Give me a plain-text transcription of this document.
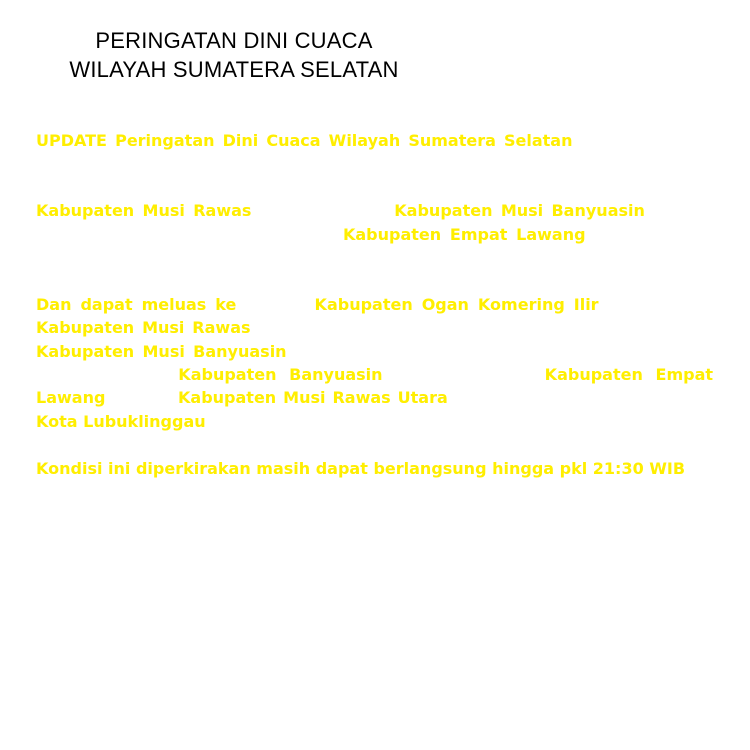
PERINGATAN DINI CUACA
WILAYAH SUMATERA SELATAN

UPDATE Peringatan Dini Cuaca Wilayah Sumatera Selatan tgl 21 Mei 2024 pkl. 19:00 WIB masih berpotensi terjadi hujan dengan intensitas sedang hingga lebat yang dapat disertai kilat/petir dan angin kencang pada pkl 19:30 WIB di Kabupaten Musi Rawas: Muara Lakitan, Kabupaten Musi Banyuasin: Sungai Keruh, Bayung Lencir, Tungkal Jaya, Kabupaten Empat Lawang: Tebing Tinggi, dan sekitarnya.

Dan dapat meluas ke wilayah Kabupaten Ogan Komering Ilir: Air Sugihan, Kabupaten Musi Rawas: Muara Kelingi, Muara Beliti, Tiang Pumpung Kepungut, Kabupaten Musi Banyuasin: Sekayu, Sanga Desa, Babat Toman, Plakat Tinggi, Lawang Wetan, Kabupaten Banyuasin: Muara Sugihan, Kabupaten Empat Lawang: Saling, Kabupaten Musi Rawas Utara: Rupit, Rawas Ilir, Karang Dapo, Kota Lubuklinggau: Lubuk Linggau Selatan I, dan sekitarnya.

Kondisi ini diperkirakan masih dapat berlangsung hingga pkl 21:30 WIB

Prakirawan BMKG - Sumatera Selatan
